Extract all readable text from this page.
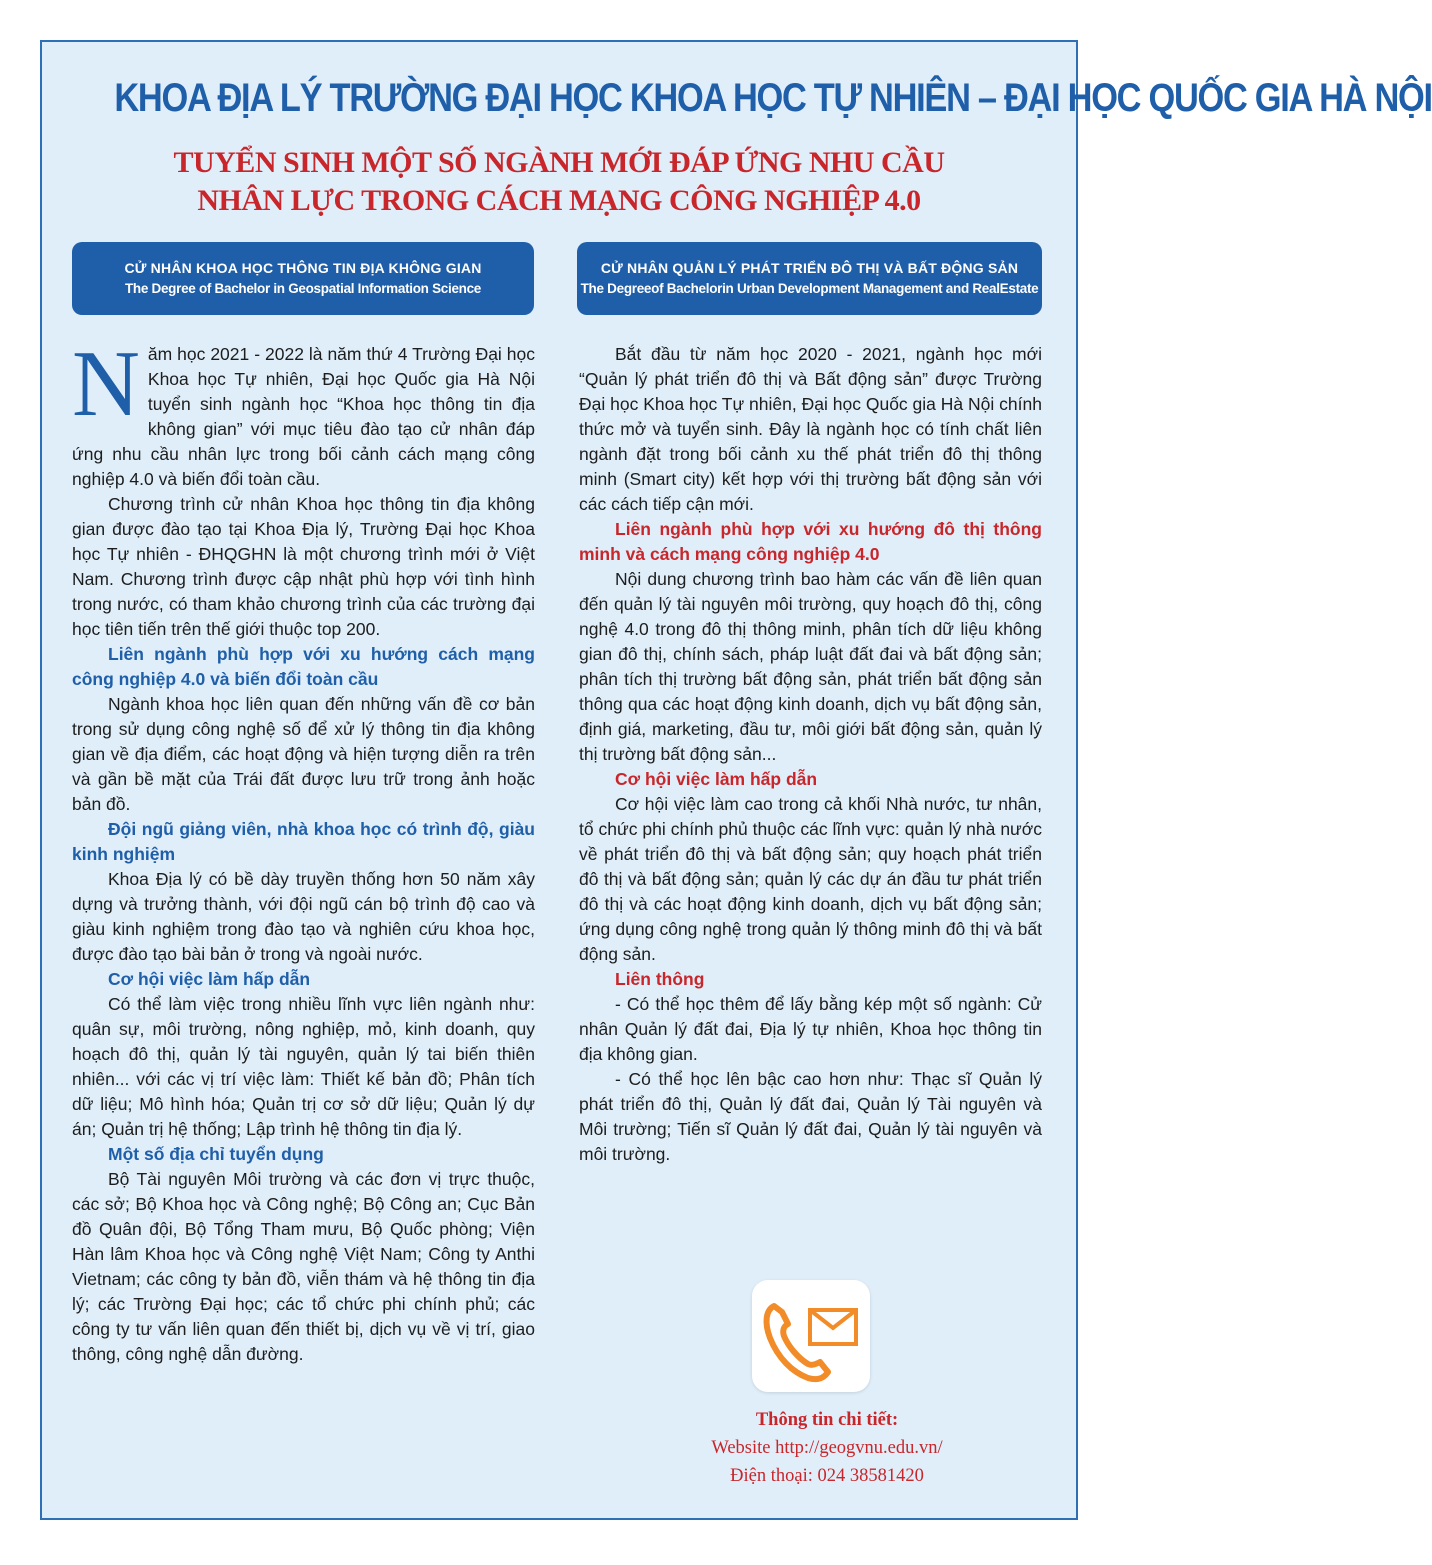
KHOA ĐỊA LÝ TRƯỜNG ĐẠI HỌC KHOA HỌC TỰ NHIÊN – ĐẠI HỌC QUỐC GIA HÀ NỘI
TUYỂN SINH MỘT SỐ NGÀNH MỚI ĐÁP ỨNG NHU CẦU
NHÂN LỰC TRONG CÁCH MẠNG CÔNG NGHIỆP 4.0
CỬ NHÂN KHOA HỌC THÔNG TIN ĐỊA KHÔNG GIAN
The Degree of Bachelor in Geospatial Information Science
CỬ NHÂN QUẢN LÝ PHÁT TRIỂN ĐÔ THỊ VÀ BẤT ĐỘNG SẢN
The Degreeof Bachelorin Urban Development Management and RealEstate

Năm học 2021 - 2022 là năm thứ 4 Trường Đại học Khoa học Tự nhiên, Đại học Quốc gia Hà Nội tuyển sinh ngành học “Khoa học thông tin địa không gian” với mục tiêu đào tạo cử nhân đáp ứng nhu cầu nhân lực trong bối cảnh cách mạng công nghiệp 4.0 và biến đổi toàn cầu.

Chương trình cử nhân Khoa học thông tin địa không gian được đào tạo tại Khoa Địa lý, Trường Đại học Khoa học Tự nhiên - ĐHQGHN là một chương trình mới ở Việt Nam. Chương trình được cập nhật phù hợp với tình hình trong nước, có tham khảo chương trình của các trường đại học tiên tiến trên thế giới thuộc top 200.

Liên ngành phù hợp với xu hướng cách mạng công nghiệp 4.0 và biến đổi toàn cầu

Ngành khoa học liên quan đến những vấn đề cơ bản trong sử dụng công nghệ số để xử lý thông tin địa không gian về địa điểm, các hoạt động và hiện tượng diễn ra trên và gần bề mặt của Trái đất được lưu trữ trong ảnh hoặc bản đồ.

Đội ngũ giảng viên, nhà khoa học có trình độ, giàu kinh nghiệm

Khoa Địa lý có bề dày truyền thống hơn 50 năm xây dựng và trưởng thành, với đội ngũ cán bộ trình độ cao và giàu kinh nghiệm trong đào tạo và nghiên cứu khoa học, được đào tạo bài bản ở trong và ngoài nước.

Cơ hội việc làm hấp dẫn

Có thể làm việc trong nhiều lĩnh vực liên ngành như: quân sự, môi trường, nông nghiệp, mỏ, kinh doanh, quy hoạch đô thị, quản lý tài nguyên, quản lý tai biến thiên nhiên... với các vị trí việc làm: Thiết kế bản đồ; Phân tích dữ liệu; Mô hình hóa; Quản trị cơ sở dữ liệu; Quản lý dự án; Quản trị hệ thống; Lập trình hệ thông tin địa lý.

Một số địa chỉ tuyển dụng

Bộ Tài nguyên Môi trường và các đơn vị trực thuộc, các sở; Bộ Khoa học và Công nghệ; Bộ Công an; Cục Bản đồ Quân đội, Bộ Tổng Tham mưu, Bộ Quốc phòng; Viện Hàn lâm Khoa học và Công nghệ Việt Nam; Công ty Anthi Vietnam; các công ty bản đồ, viễn thám và hệ thông tin địa lý; các Trường Đại học; các tổ chức phi chính phủ; các công ty tư vấn liên quan đến thiết bị, dịch vụ về vị trí, giao thông, công nghệ dẫn đường.

Bắt đầu từ năm học 2020 - 2021, ngành học mới “Quản lý phát triển đô thị và Bất động sản” được Trường Đại học Khoa học Tự nhiên, Đại học Quốc gia Hà Nội chính thức mở và tuyển sinh. Đây là ngành học có tính chất liên ngành đặt trong bối cảnh xu thế phát triển đô thị thông minh (Smart city) kết hợp với thị trường bất động sản với các cách tiếp cận mới.

Liên ngành phù hợp với xu hướng đô thị thông minh và cách mạng công nghiệp 4.0

Nội dung chương trình bao hàm các vấn đề liên quan đến quản lý tài nguyên môi trường, quy hoạch đô thị, công nghệ 4.0 trong đô thị thông minh, phân tích dữ liệu không gian đô thị, chính sách, pháp luật đất đai và bất động sản; phân tích thị trường bất động sản, phát triển bất động sản thông qua các hoạt động kinh doanh, dịch vụ bất động sản, định giá, marketing, đầu tư, môi giới bất động sản, quản lý thị trường bất động sản...

Cơ hội việc làm hấp dẫn

Cơ hội việc làm cao trong cả khối Nhà nước, tư nhân, tổ chức phi chính phủ thuộc các lĩnh vực: quản lý nhà nước về phát triển đô thị và bất động sản; quy hoạch phát triển đô thị và bất động sản; quản lý các dự án đầu tư phát triển đô thị và các hoạt động kinh doanh, dịch vụ bất động sản; ứng dụng công nghệ trong quản lý thông minh đô thị và bất động sản.

Liên thông

- Có thể học thêm để lấy bằng kép một số ngành: Cử nhân Quản lý đất đai, Địa lý tự nhiên, Khoa học thông tin địa không gian.

- Có thể học lên bậc cao hơn như: Thạc sĩ Quản lý phát triển đô thị, Quản lý đất đai, Quản lý Tài nguyên và Môi trường; Tiến sĩ Quản lý đất đai, Quản lý tài nguyên và môi trường.

Thông tin chi tiết:
Website http://geogvnu.edu.vn/
Điện thoại: 024 38581420
